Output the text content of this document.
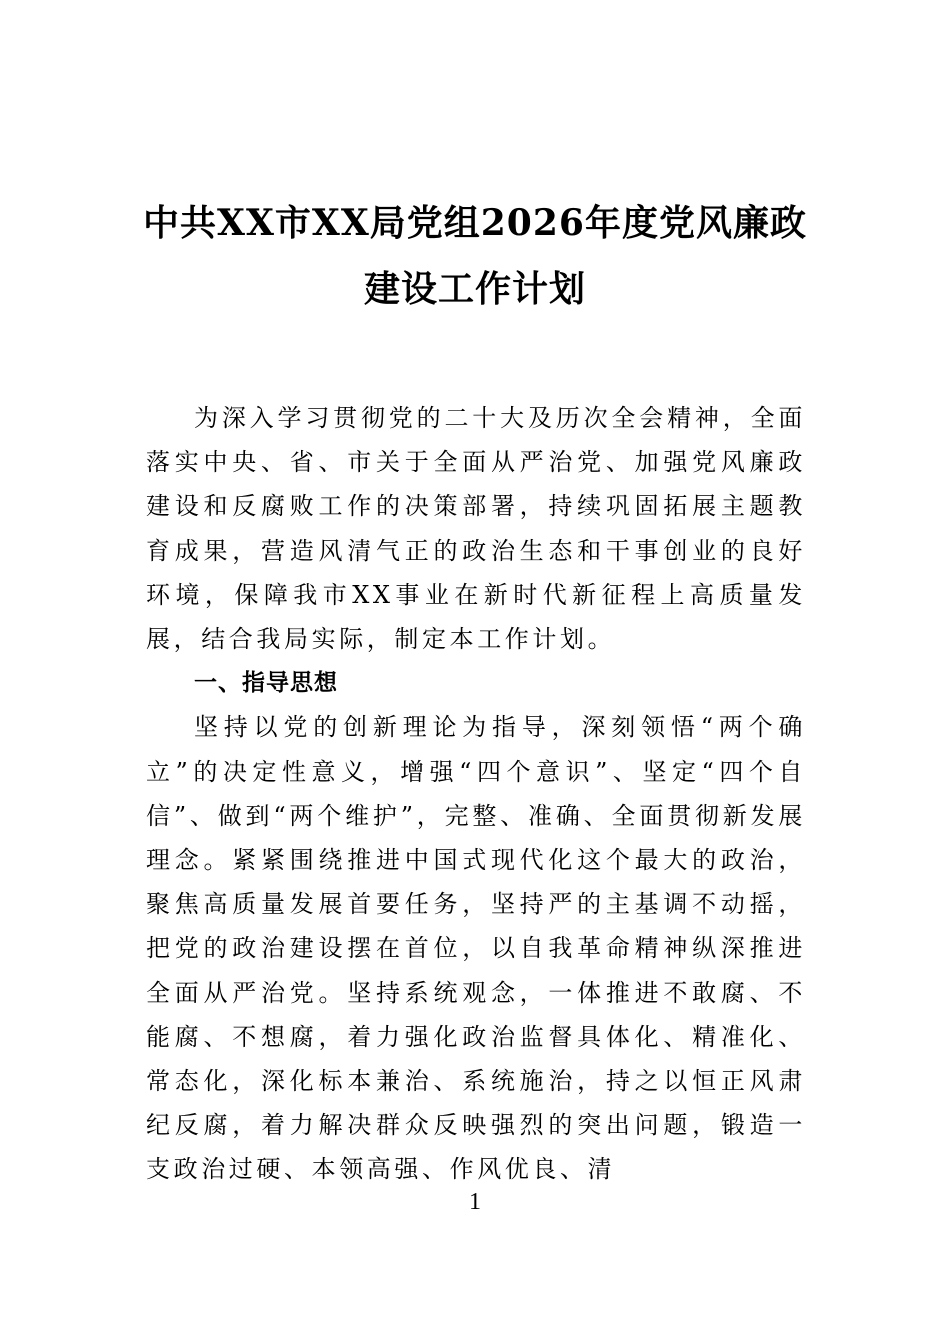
中共XX市XX局党组2026年度党风廉政
建设工作计划

为深入学习贯彻党的二十大及历次全会精神，全面落实中央、省、市关于全面从严治党、加强党风廉政建设和反腐败工作的决策部署，持续巩固拓展主题教育成果，营造风清气正的政治生态和干事创业的良好环境，保障我市XX事业在新时代新征程上高质量发展，结合我局实际，制定本工作计划。

一、指导思想

坚持以党的创新理论为指导，深刻领悟“两个确立”的决定性意义，增强“四个意识”、坚定“四个自信”、做到“两个维护”，完整、准确、全面贯彻新发展理念。紧紧围绕推进中国式现代化这个最大的政治，聚焦高质量发展首要任务，坚持严的主基调不动摇，把党的政治建设摆在首位，以自我革命精神纵深推进全面从严治党。坚持系统观念，一体推进不敢腐、不能腐、不想腐，着力强化政治监督具体化、精准化、常态化，深化标本兼治、系统施治，持之以恒正风肃纪反腐，着力解决群众反映强烈的突出问题，锻造一支政治过硬、本领高强、作风优良、清

1
